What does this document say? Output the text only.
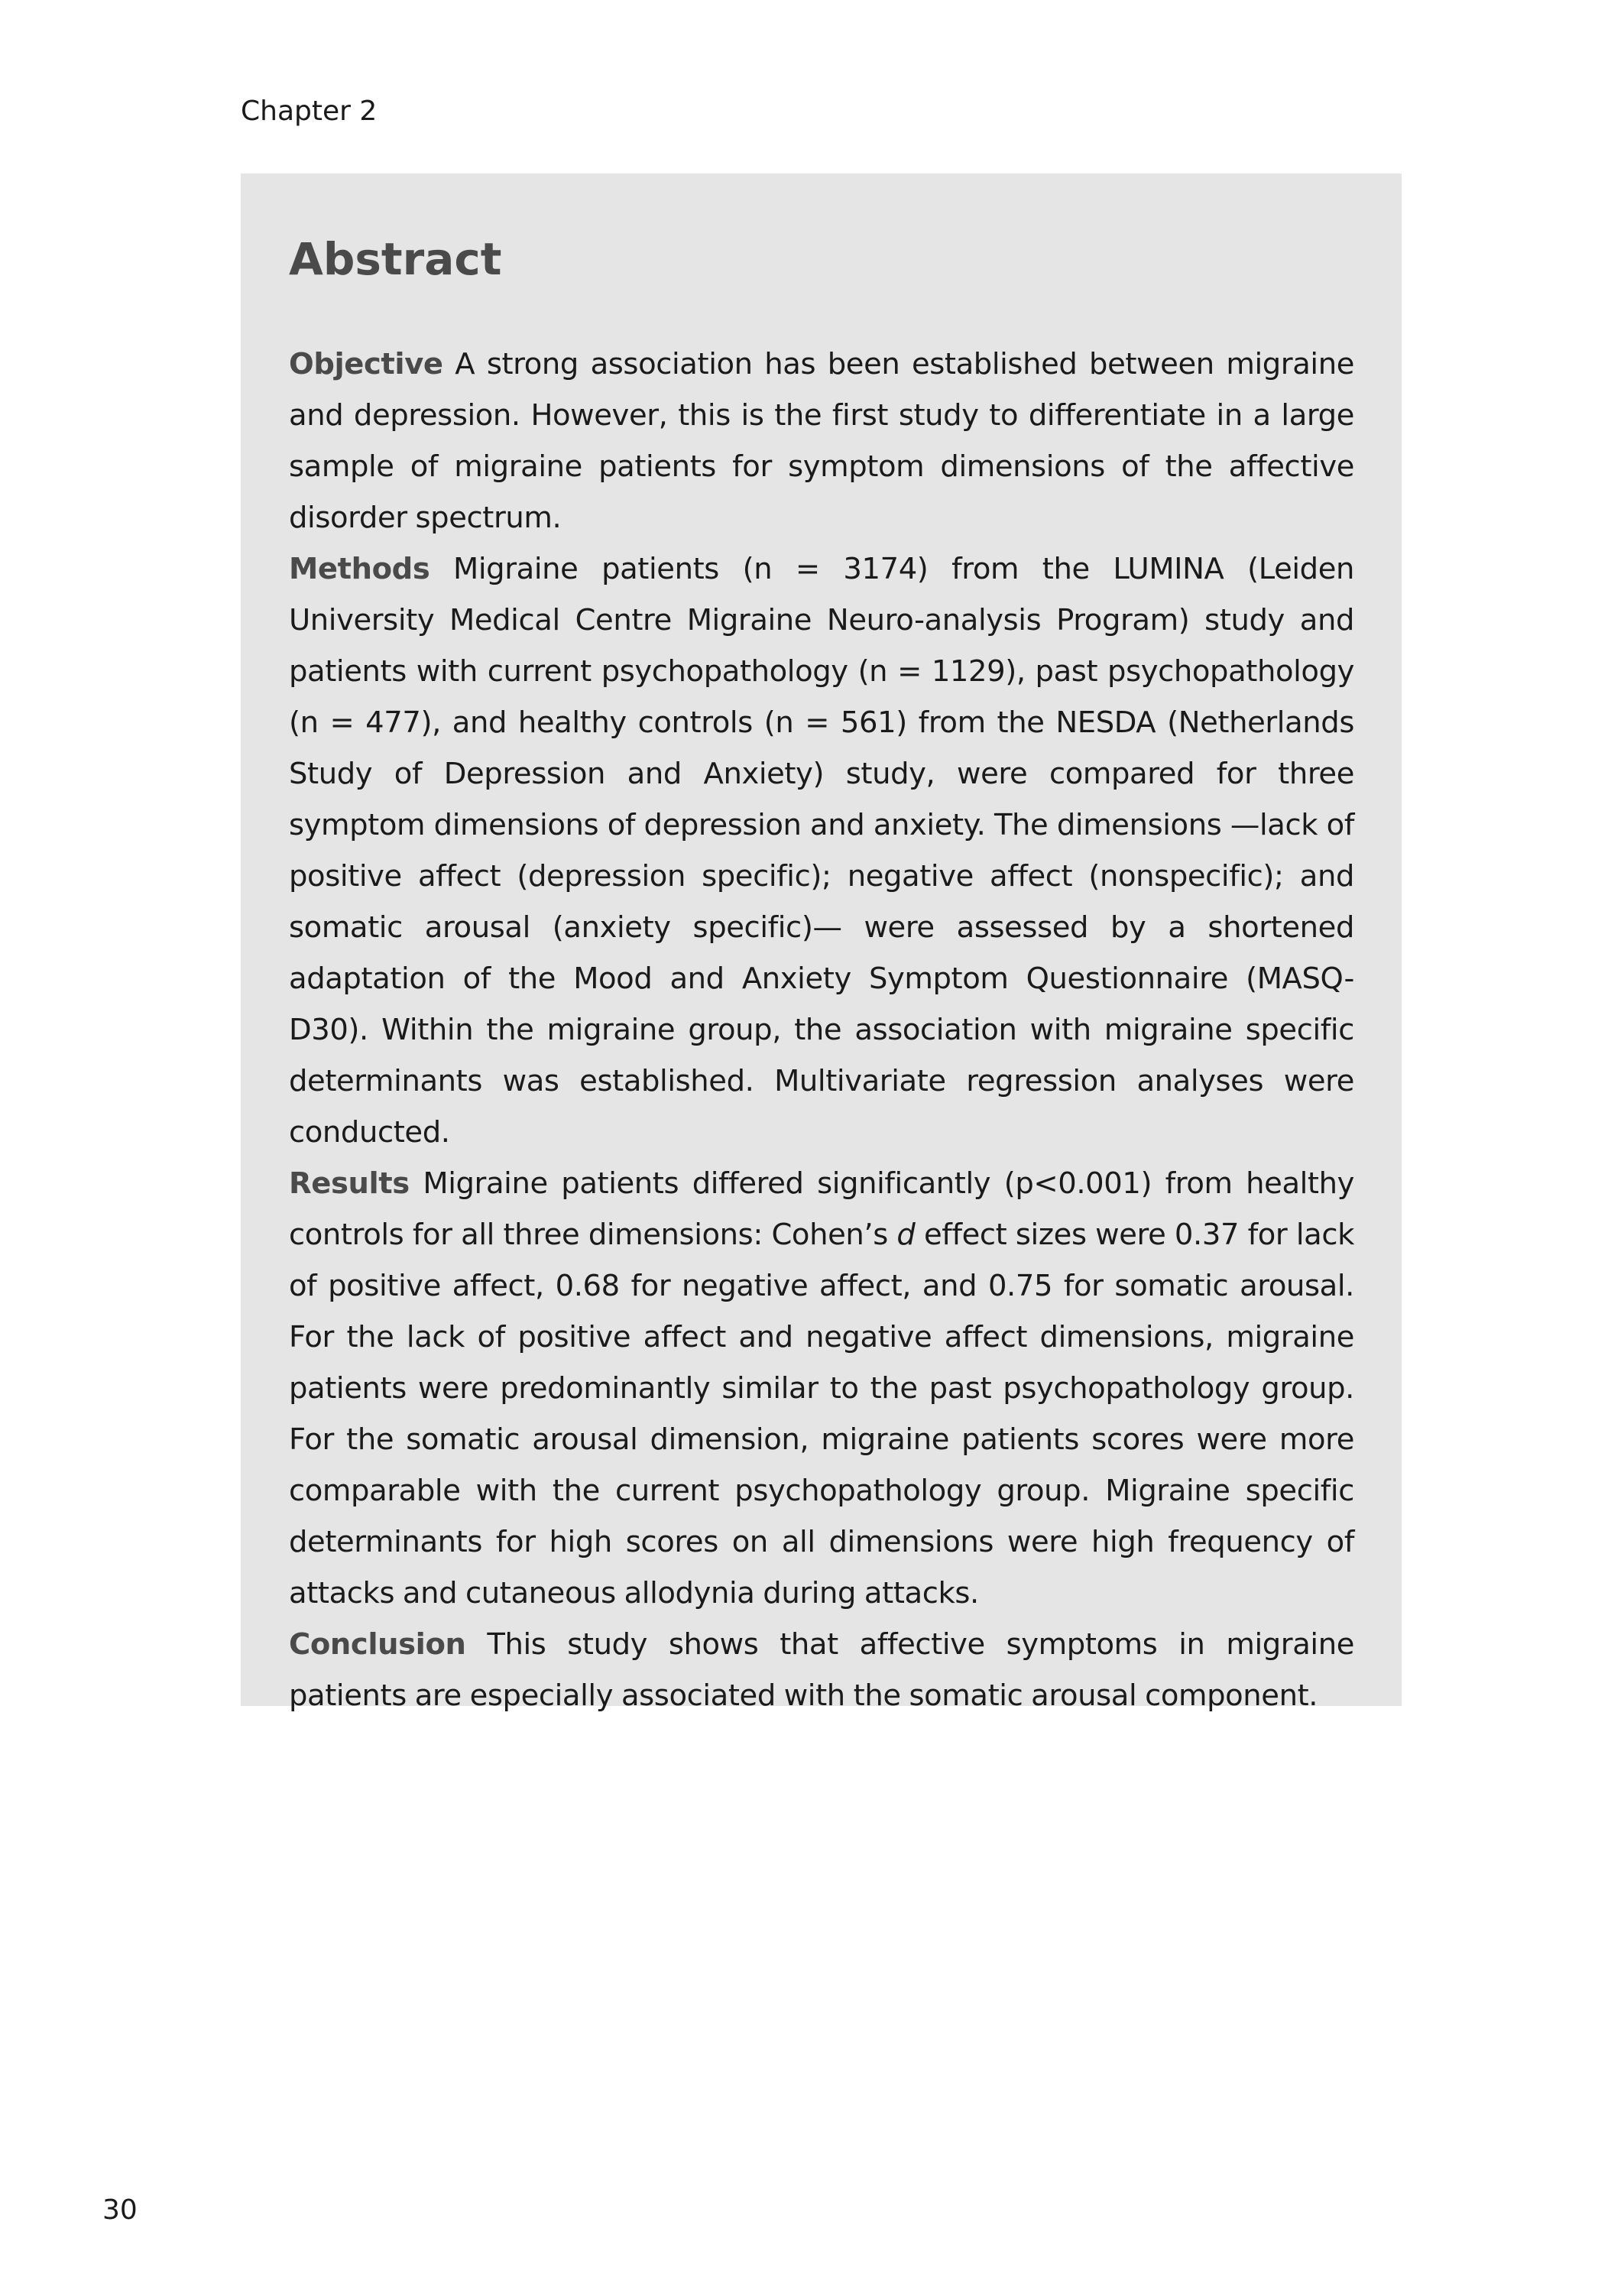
Chapter 2
Abstract

Objective A strong association has been established between migraine and depression. However, this is the first study to differentiate in a large sample of migraine patients for symptom dimensions of the affective disorder spectrum.

Methods Migraine patients (n = 3174) from the LUMINA (Leiden University Medical Centre Migraine Neuro-analysis Program) study and patients with current psychopathology (n = 1129), past psychopathology (n = 477), and healthy controls (n = 561) from the NESDA (Netherlands Study of Depression and Anxiety) study, were compared for three symptom dimensions of depression and anxiety. The dimensions —lack of positive affect (depression specific); negative affect (nonspecific); and somatic arousal (anxiety specific)— were assessed by a shortened adaptation of the Mood and Anxiety Symptom Questionnaire (MASQ-D30). Within the migraine group, the association with migraine specific determinants was established. Multivariate regression analyses were conducted.

Results Migraine patients differed significantly (p<0.001) from healthy controls for all three dimensions: Cohen’s d effect sizes were 0.37 for lack of positive affect, 0.68 for negative affect, and 0.75 for somatic arousal. For the lack of positive affect and negative affect dimensions, migraine patients were predominantly similar to the past psychopathology group. For the somatic arousal dimension, migraine patients scores were more comparable with the current psychopathology group. Migraine specific determinants for high scores on all dimensions were high frequency of attacks and cutaneous allodynia during attacks.

Conclusion This study shows that affective symptoms in migraine patients are especially associated with the somatic arousal component.

30
